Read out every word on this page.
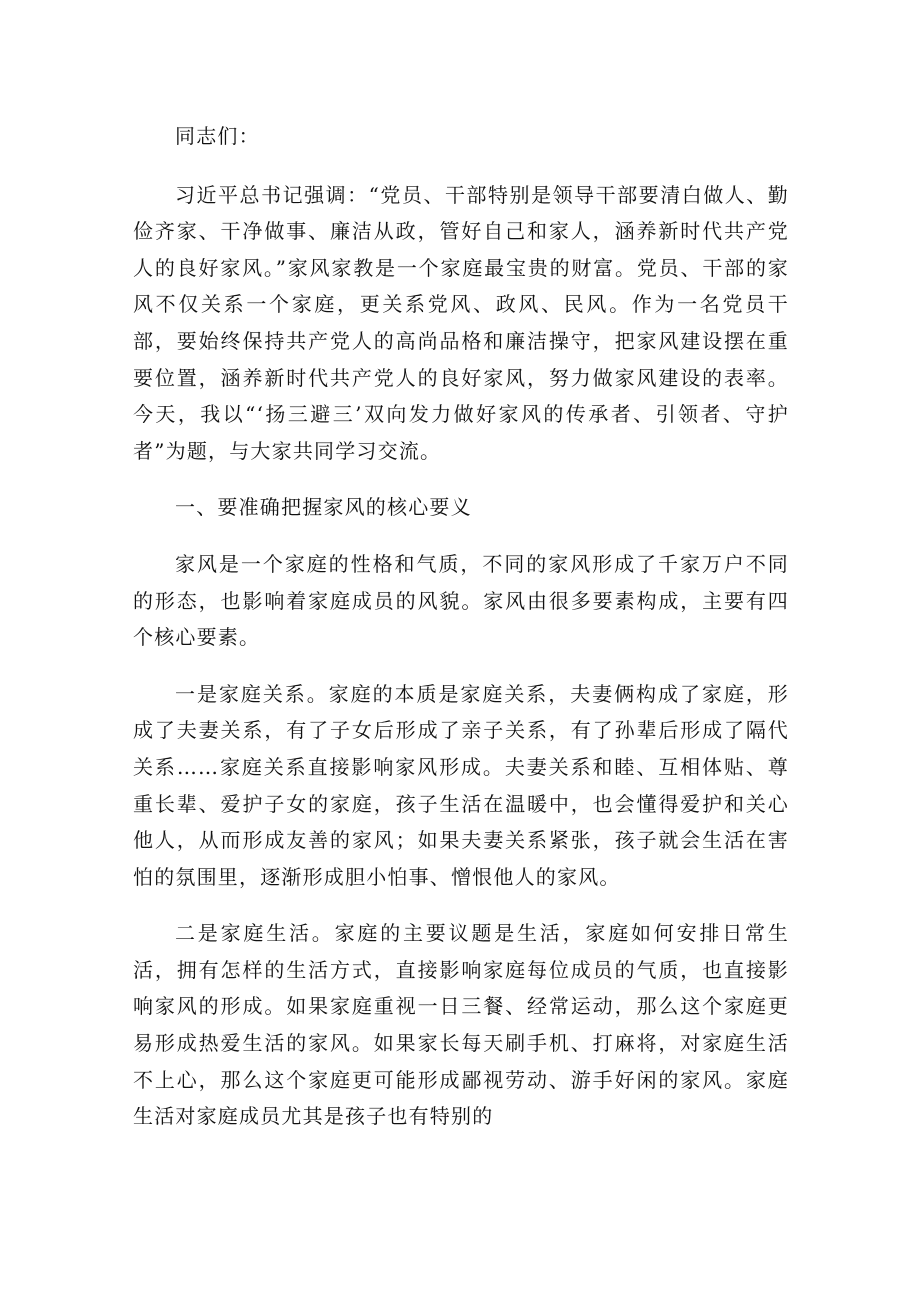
同志们：

习近平总书记强调：“党员、干部特别是领导干部要清白做人、勤俭齐家、干净做事、廉洁从政，管好自己和家人，涵养新时代共产党人的良好家风。”家风家教是一个家庭最宝贵的财富。党员、干部的家风不仅关系一个家庭，更关系党风、政风、民风。作为一名党员干部，要始终保持共产党人的高尚品格和廉洁操守，把家风建设摆在重要位置，涵养新时代共产党人的良好家风，努力做家风建设的表率。今天，我以“‘扬三避三’双向发力做好家风的传承者、引领者、守护者”为题，与大家共同学习交流。

一、要准确把握家风的核心要义

家风是一个家庭的性格和气质，不同的家风形成了千家万户不同的形态，也影响着家庭成员的风貌。家风由很多要素构成，主要有四个核心要素。

一是家庭关系。家庭的本质是家庭关系，夫妻俩构成了家庭，形成了夫妻关系，有了子女后形成了亲子关系，有了孙辈后形成了隔代关系……家庭关系直接影响家风形成。夫妻关系和睦、互相体贴、尊重长辈、爱护子女的家庭，孩子生活在温暖中，也会懂得爱护和关心他人，从而形成友善的家风；如果夫妻关系紧张，孩子就会生活在害怕的氛围里，逐渐形成胆小怕事、憎恨他人的家风。

二是家庭生活。家庭的主要议题是生活，家庭如何安排日常生活，拥有怎样的生活方式，直接影响家庭每位成员的气质，也直接影响家风的形成。如果家庭重视一日三餐、经常运动，那么这个家庭更易形成热爱生活的家风。如果家长每天刷手机、打麻将，对家庭生活不上心，那么这个家庭更可能形成鄙视劳动、游手好闲的家风。家庭生活对家庭成员尤其是孩子也有特别的
